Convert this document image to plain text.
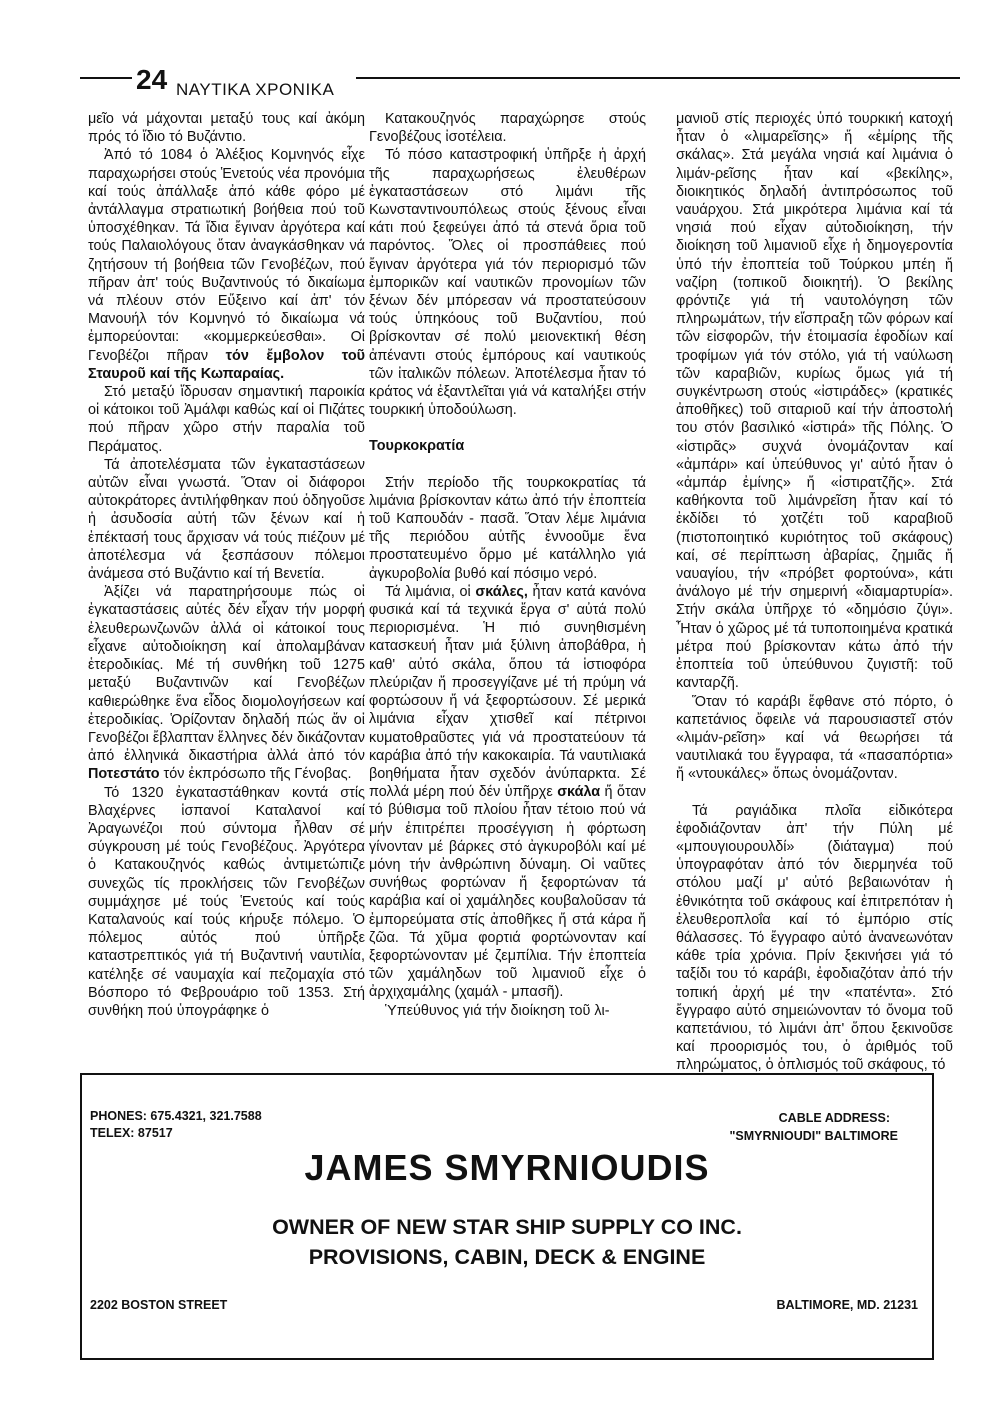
24 ΝΑΥΤΙΚΑ ΧΡΟΝΙΚΑ

μεῖο νά μάχονται μεταξύ τους καί ἀκόμη πρός τό ἴδιο τό Βυζάντιο.

Ἀπό τό 1084 ὁ Ἀλέξιος Κομνηνός εἶχε παραχωρήσει στούς Ἑνετούς νέα προνόμια καί τούς ἀπάλλαξε ἀπό κάθε φόρο μέ ἀντάλλαγμα στρατιωτική βοήθεια πού τοῦ ὑποσχέθηκαν. Τά ἴδια ἔγιναν ἀργότερα καί τούς Παλαιολόγους ὅταν ἀναγκάσθηκαν νά ζητήσουν τή βοήθεια τῶν Γενοβέζων, πού πῆραν ἀπ' τούς Βυζαντινούς τό δικαίωμα νά πλέουν στόν Εὔξεινο καί ἀπ' τόν Μανουήλ τόν Κομνηνό τό δικαίωμα νά ἐμπορεύονται: «κομμερκεύεσθαι». Οἱ Γενοβέζοι πῆραν τόν ἔμβολον τοῦ Σταυροῦ καί τῆς Κωπαραίας.

Στό μεταξύ ἵδρυσαν σημαντική παροικία οἱ κάτοικοι τοῦ Ἀμάλφι καθώς καί οἱ Πιζάτες πού πῆραν χῶρο στήν παραλία τοῦ Περάματος.

Τά ἀποτελέσματα τῶν ἐγκαταστάσεων αὐτῶν εἶναι γνωστά. Ὅταν οἱ διάφοροι αὐτοκράτορες ἀντιλήφθηκαν πού ὁδηγοῦσε ἡ ἀσυδοσία αὐτή τῶν ξένων καί ἡ ἐπέκτασή τους ἄρχισαν νά τούς πιέζουν μέ ἀποτέλεσμα νά ξεσπάσουν πόλεμοι ἀνάμεσα στό Βυζάντιο καί τή Βενετία.

Ἀξίζει νά παρατηρήσουμε πώς οἱ ἐγκαταστάσεις αὐτές δέν εἶχαν τήν μορφή ἐλευθερωνζωνῶν ἀλλά οἱ κάτοικοί τους εἶχανε αὐτοδιοίκηση καί ἀπολαμβάναν ἑτεροδικίας. Μέ τή συνθήκη τοῦ 1275 μεταξύ Βυζαντινῶν καί Γενοβέζων καθιερώθηκε ἕνα εἶδος διομολογήσεων καί ἑτεροδικίας. Ὁρίζονταν δηλαδή πώς ἄν οἱ Γενοβέζοι ἔβλαπταν ἕλληνες δέν δικάζονταν ἀπό ἑλληνικά δικαστήρια ἀλλά ἀπό τόν Ποτεστάτο τόν ἐκπρόσωπο τῆς Γένοβας.

Τό 1320 ἐγκαταστάθηκαν κοντά στίς Βλαχέρνες ἱσπανοί Καταλανοί καί Ἀραγωνέζοι πού σύντομα ἦλθαν σέ σύγκρουση μέ τούς Γενοβέζους. Ἀργότερα ὁ Κατακουζηνός καθώς ἀντιμετώπιζε συνεχῶς τίς προκλήσεις τῶν Γενοβέζων συμμάχησε μέ τούς Ἑνετούς καί τούς Καταλανούς καί τούς κήρυξε πόλεμο. Ὁ πόλεμος αὐτός πού ὑπῆρξε καταστρεπτικός γιά τή Βυζαντινή ναυτιλία, κατέληξε σέ ναυμαχία καί πεζομαχία στό Βόσπορο τό Φεβρουάριο τοῦ 1353. Στή συνθήκη πού ὑπογράφηκε ὁ

Κατακουζηνός παραχώρησε στούς Γενοβέζους ἰσοτέλεια.

Τό πόσο καταστροφική ὑπῆρξε ἡ ἀρχή τῆς παραχωρήσεως ἐλευθέρων ἐγκαταστάσεων στό λιμάνι τῆς Κωνσταντινουπόλεως στούς ξένους εἶναι κάτι πού ξεφεύγει ἀπό τά στενά ὅρια τοῦ παρόντος. Ὅλες οἱ προσπάθειες πού ἔγιναν ἀργότερα γιά τόν περιορισμό τῶν ἐμπορικῶν καί ναυτικῶν προνομίων τῶν ξένων δέν μπόρεσαν νά προστατεύσουν τούς ὑπηκόους τοῦ Βυζαντίου, πού βρίσκονταν σέ πολύ μειονεκτική θέση ἀπέναντι στούς ἐμπόρους καί ναυτικούς τῶν ἰταλικῶν πόλεων. Ἀποτέλεσμα ἦταν τό κράτος νά ἐξαντλεῖται γιά νά καταλήξει στήν τουρκική ὑποδούλωση.

Τουρκοκρατία

Στήν περίοδο τῆς τουρκοκρατίας τά λιμάνια βρίσκονταν κάτω ἀπό τήν ἐποπτεία τοῦ Καπουδάν - πασᾶ. Ὅταν λέμε λιμάνια τῆς περιόδου αὐτῆς ἐννοοῦμε ἕνα προστατευμένο ὅρμο μέ κατάλληλο γιά ἀγκυροβολία βυθό καί πόσιμο νερό.

Τά λιμάνια, οἱ σκάλες, ἦταν κατά κανόνα φυσικά καί τά τεχνικά ἔργα σ' αὐτά πολύ περιορισμένα. Ἡ πιό συνηθισμένη κατασκευή ἦταν μιά ξύλινη ἀποβάθρα, ἡ καθ' αὐτό σκάλα, ὅπου τά ἱστιοφόρα πλεύριζαν ἤ προσεγγίζανε μέ τή πρύμη νά φορτώσουν ἤ νά ξεφορτώσουν. Σέ μερικά λιμάνια εἶχαν χτισθεῖ καί πέτρινοι κυματοθραῦστες γιά νά προστατεύουν τά καράβια ἀπό τήν κακοκαιρία. Τά ναυτιλιακά βοηθήματα ἦταν σχεδόν ἀνύπαρκτα. Σέ πολλά μέρη πού δέν ὑπῆρχε σκάλα ἤ ὅταν τό βύθισμα τοῦ πλοίου ἦταν τέτοιο πού νά μήν ἐπιτρέπει προσέγγιση ἡ φόρτωση γίνονταν μέ βάρκες στό ἀγκυροβόλι καί μέ μόνη τήν ἀνθρώπινη δύναμη. Οἱ ναῦτες συνήθως φορτώναν ἤ ξεφορτώναν τά καράβια καί οἱ χαμάληδες κουβαλοῦσαν τά ἐμπορεύματα στίς ἀποθῆκες ἤ στά κάρα ἤ ζῶα. Τά χῦμα φορτιά φορτώνονταν καί ξεφορτώνονταν μέ ζεμπίλια. Τήν ἐποπτεία τῶν χαμάληδων τοῦ λιμανιοῦ εἶχε ὁ ἀρχιχαμάλης (χαμάλ - μπασῆ).

Ὑπεύθυνος γιά τήν διοίκηση τοῦ λι-

μανιοῦ στίς περιοχές ὑπό τουρκική κατοχή ἦταν ὁ «λιμαρεῖσης» ἤ «ἐμίρης τῆς σκάλας». Στά μεγάλα νησιά καί λιμάνια ὁ λιμάν-ρεῖσης ἦταν καί «βεκίλης», διοικητικός δηλαδή ἀντιπρόσωπος τοῦ ναυάρχου. Στά μικρότερα λιμάνια καί τά νησιά πού εἶχαν αὐτοδιοίκηση, τήν διοίκηση τοῦ λιμανιοῦ εἶχε ἡ δημογεροντία ὑπό τήν ἐποπτεία τοῦ Τούρκου μπέη ἤ ναζίρη (τοπικοῦ διοικητή). Ὁ βεκίλης φρόντιζε γιά τή ναυτολόγηση τῶν πληρωμάτων, τήν εἴσπραξη τῶν φόρων καί τῶν εἰσφορῶν, τήν ἑτοιμασία ἐφοδίων καί τροφίμων γιά τόν στόλο, γιά τή ναύλωση τῶν καραβιῶν, κυρίως ὅμως γιά τή συγκέντρωση στούς «ἰστιράδες» (κρατικές ἀποθῆκες) τοῦ σιταριοῦ καί τήν ἀποστολή του στόν βασιλικό «ἰστιρά» τῆς Πόλης. Ὁ «ἰστιρᾶς» συχνά ὀνομάζονταν καί «ἀμπάρι» καί ὑπεύθυνος γι' αὐτό ἦταν ὁ «ἀμπάρ ἐμίνης» ἤ «ἰστιρατζῆς». Στά καθήκοντα τοῦ λιμάνρεῖση ἦταν καί τό ἐκδίδει τό χοτζέτι τοῦ καραβιοῦ (πιστοποιητικό κυριότητος τοῦ σκάφους) καί, σέ περίπτωση ἀβαρίας, ζημιᾶς ἤ ναυαγίου, τήν «πρόβετ φορτούνα», κάτι ἀνάλογο μέ τήν σημερινή «διαμαρτυρία». Στήν σκάλα ὑπῆρχε τό «δημόσιο ζύγι». Ἦταν ὁ χῶρος μέ τά τυποποιημένα κρατικά μέτρα πού βρίσκονταν κάτω ἀπό τήν ἐποπτεία τοῦ ὑπεύθυνου ζυγιστῆ: τοῦ κανταρζῆ.

Ὅταν τό καράβι ἔφθανε στό πόρτο, ὁ καπετάνιος ὄφειλε νά παρουσιαστεῖ στόν «λιμάν-ρεῖση» καί νά θεωρήσει τά ναυτιλιακά του ἔγγραφα, τά «πασαπόρτια» ἤ «ντουκάλες» ὅπως ὀνομάζονταν.

Τά ραγιάδικα πλοῖα εἰδικότερα ἐφοδιάζονταν ἀπ' τήν Πύλη μέ «μπουγιουρουλδί» (διάταγμα) πού ὑπογραφόταν ἀπό τόν διερμηνέα τοῦ στόλου μαζί μ' αὐτό βεβαιωνόταν ἡ ἐθνικότητα τοῦ σκάφους καί ἐπιτρεπόταν ἡ ἐλευθεροπλοΐα καί τό ἐμπόριο στίς θάλασσες. Τό ἔγγραφο αὐτό ἀνανεωνόταν κάθε τρία χρόνια. Πρίν ξεκινήσει γιά τό ταξίδι του τό καράβι, ἐφοδιαζόταν ἀπό τήν τοπική ἀρχή μέ την «πατέντα». Στό ἔγγραφο αὐτό σημειώνονταν τό ὄνομα τοῦ καπετάνιου, τό λιμάνι ἀπ' ὅπου ξεκινοῦσε καί προορισμός του, ὁ ἀριθμός τοῦ πληρώματος, ὁ ὁπλισμός τοῦ σκάφους, τό

PHONES: 675.4321, 321.7588
TELEX: 87517
CABLE ADDRESS:
"SMYRNIOUDI" BALTIMORE
JAMES SMYRNIOUDIS
OWNER OF NEW STAR SHIP SUPPLY CO INC.
PROVISIONS, CABIN, DECK & ENGINE
2202 BOSTON STREET	BALTIMORE, MD. 21231
